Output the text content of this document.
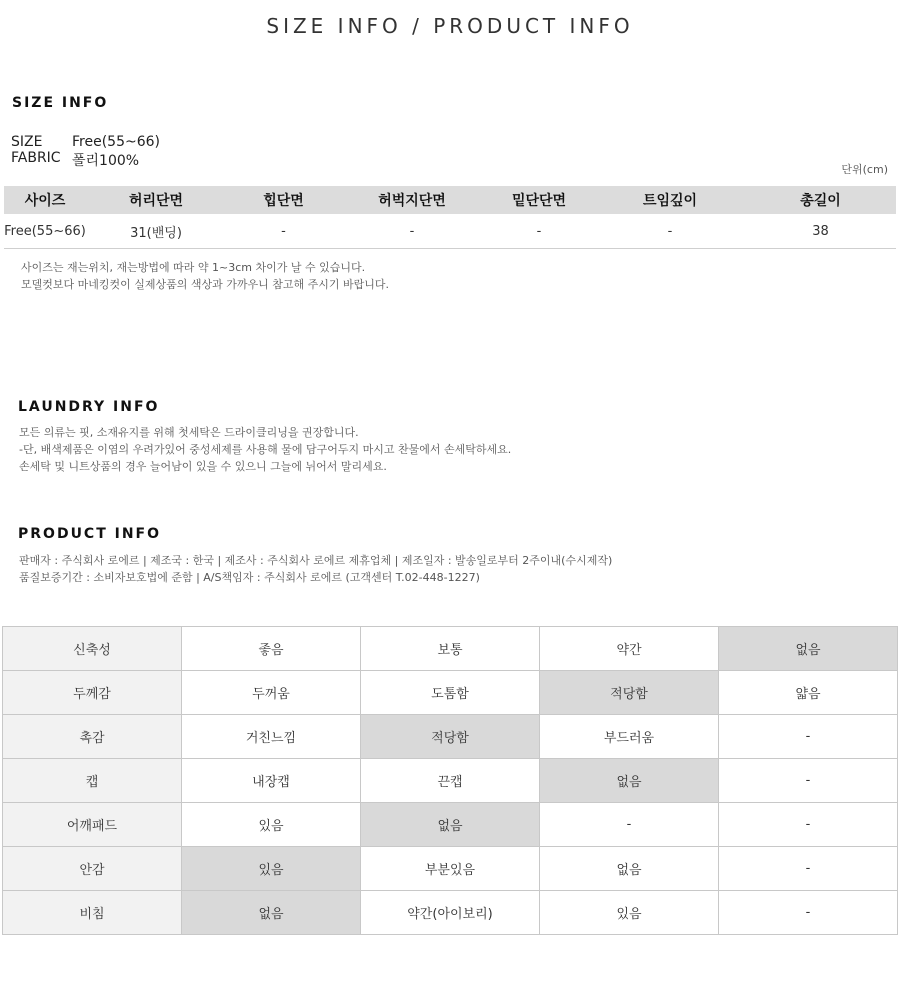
SIZE INFO / PRODUCT INFO
SIZE INFO
SIZE	Free(55~66)
FABRIC 폴리100%
단위(cm)
사이즈	허리단면	힙단면	허벅지단면	밑단단면	트임깊이	총길이
Free(55~66)	31(밴딩)	-	-	-	-	38
사이즈는 재는위치, 재는방법에 따라 약 1~3cm 차이가 날 수 있습니다.
모델컷보다 마네킹컷이 실제상품의 색상과 가까우니 참고해 주시기 바랍니다.
LAUNDRY INFO
모든 의류는 핏, 소재유지를 위해 첫세탁은 드라이클리닝을 권장합니다.
-단, 배색제품은 이염의 우려가있어 중성세제를 사용해 물에 담구어두지 마시고 찬물에서 손세탁하세요.
손세탁 및 니트상품의 경우 늘어남이 있을 수 있으니 그늘에 뉘어서 말리세요.
PRODUCT INFO
판매자 : 주식회사 로에르 | 제조국 : 한국 | 제조사 : 주식회사 로에르 제휴업체 | 제조일자 : 발송일로부터 2주이내(수시제작)
품질보증기간 : 소비자보호법에 준함 | A/S책임자 : 주식회사 로에르 (고객센터 T.02-448-1227)
신축성	좋음	보통	약간	없음
두께감	두꺼움	도톰함	적당함	얇음
촉감	거친느낌	적당함	부드러움	-
캡	내장캡	끈캡	없음	-
어깨패드	있음	없음	-	-
안감	있음	부분있음	없음	-
비침	없음	약간(아이보리)	있음	-
